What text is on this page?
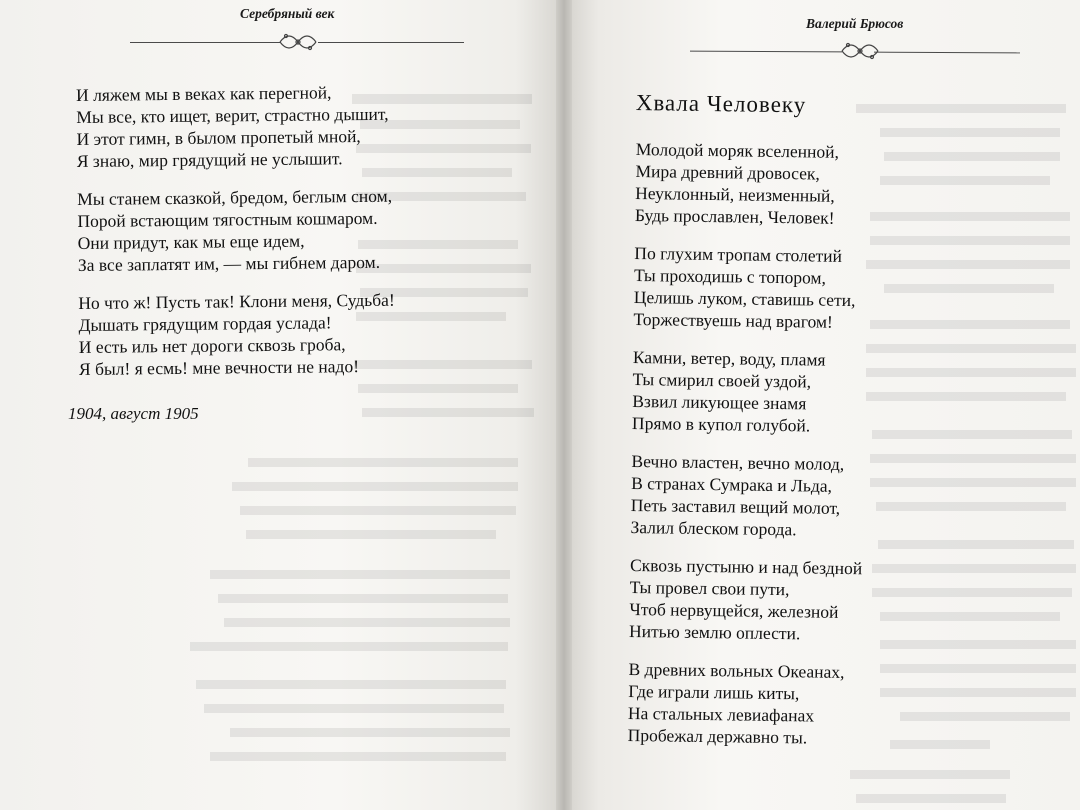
Серебряный век
Валерий Брюсов
И ляжем мы в веках как перегной,
Мы все, кто ищет, верит, страстно дышит,
И этот гимн, в былом пропетый мной,
Я знаю, мир грядущий не услышит.
Мы станем сказкой, бредом, беглым сном,
Порой встающим тягостным кошмаром.
Они придут, как мы еще идем,
За все заплатят им, — мы гибнем даром.
Но что ж! Пусть так! Клони меня, Судьба!
Дышать грядущим гордая услада!
И есть иль нет дороги сквозь гроба,
Я был! я есмь! мне вечности не надо!
1904, август 1905
Хвала Человеку
Молодой моряк вселенной,
Мира древний дровосек,
Неуклонный, неизменный,
Будь прославлен, Человек!
По глухим тропам столетий
Ты проходишь с топором,
Целишь луком, ставишь сети,
Торжествуешь над врагом!
Камни, ветер, воду, пламя
Ты смирил своей уздой,
Взвил ликующее знамя
Прямо в купол голубой.
Вечно властен, вечно молод,
В странах Сумрака и Льда,
Петь заставил вещий молот,
Залил блеском города.
Сквозь пустыню и над бездной
Ты провел свои пути,
Чтоб нервущейся, железной
Нитью землю оплести.
В древних вольных Океанах,
Где играли лишь киты,
На стальных левиафанах
Пробежал державно ты.
